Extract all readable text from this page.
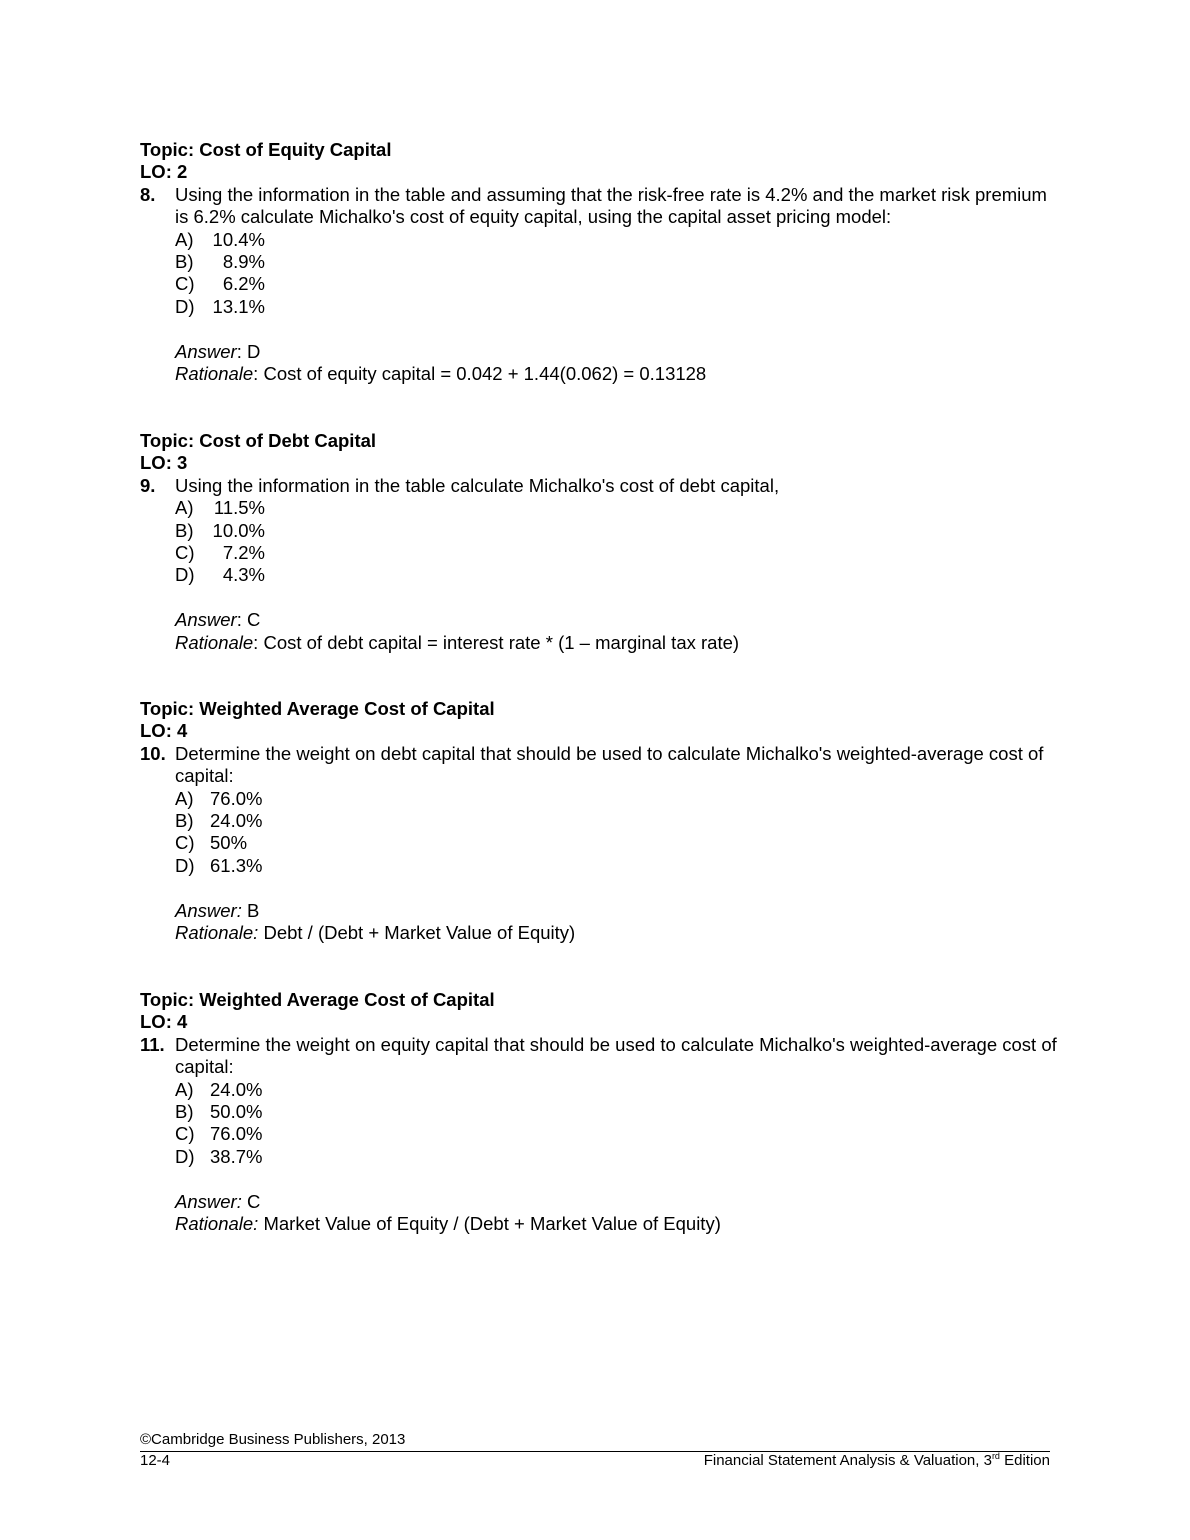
Topic: Cost of Equity Capital
LO: 2
8.	Using the information in the table and assuming that the risk-free rate is 4.2% and the market risk premium is 6.2% calculate Michalko's cost of equity capital, using the capital asset pricing model:
A)	10.4%
B)	8.9%
C)	6.2%
D) 13.1%
Answer: D
Rationale: Cost of equity capital = 0.042 + 1.44(0.062) = 0.13128
Topic: Cost of Debt Capital
LO: 3
9.	Using the information in the table calculate Michalko's cost of debt capital,
A)	11.5%
B)	10.0%
C)	7.2%
D)	4.3%
Answer: C
Rationale: Cost of debt capital = interest rate * (1 – marginal tax rate)
Topic: Weighted Average Cost of Capital
LO: 4
10. Determine the weight on debt capital that should be used to calculate Michalko's weighted-average cost of capital:
A) 76.0%
B) 24.0%
C) 50%
D) 61.3%
Answer: B
Rationale: Debt / (Debt + Market Value of Equity)
Topic: Weighted Average Cost of Capital
LO: 4
11. Determine the weight on equity capital that should be used to calculate Michalko's weighted-average cost of capital:
A) 24.0%
B) 50.0%
C) 76.0%
D) 38.7%
Answer: C
Rationale: Market Value of Equity / (Debt + Market Value of Equity)
©Cambridge Business Publishers, 2013
12-4	Financial Statement Analysis & Valuation, 3rd Edition
